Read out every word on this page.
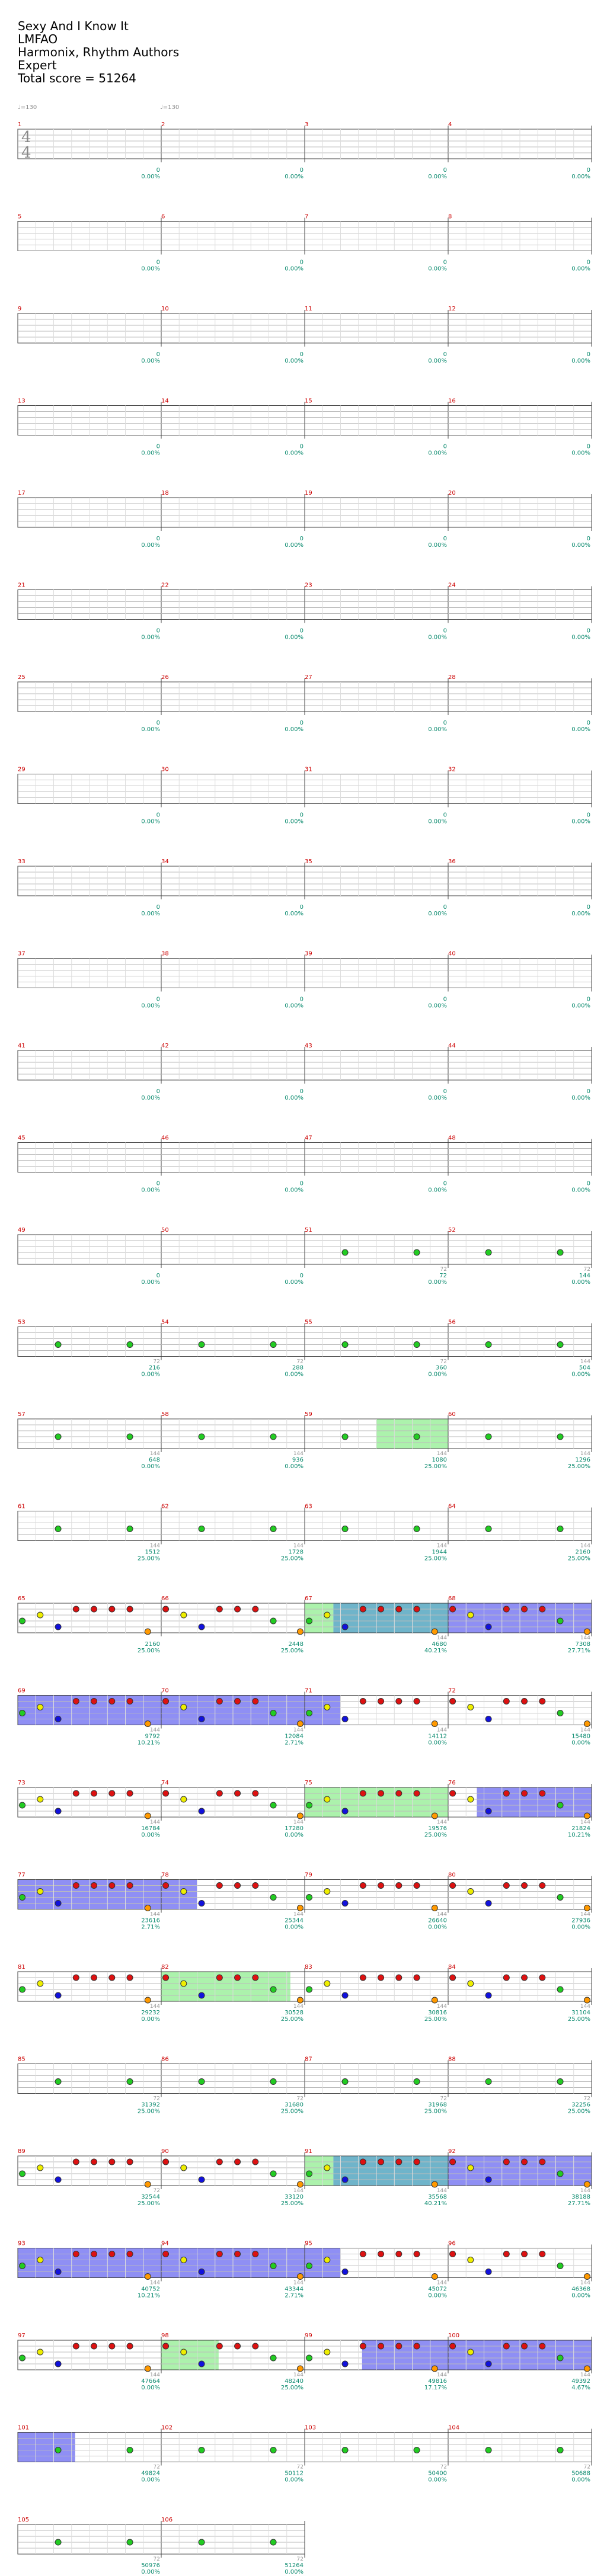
Sexy And I Know It
LMFAO
Harmonix, Rhythm Authors
Expert
Total score = 51264
♩=130	♩=130
1
0
0.00%
2
0
0.00%
3
0
0.00%
4
0
0.00%
5
0
0.00%
6
0
0.00%
7
0
0.00%
8
0
0.00%
9
0
0.00%
10
0
0.00%
11
0
0.00%
12
0
0.00%
13
0
0.00%
14
0
0.00%
15
0
0.00%
16
0
0.00%
17
0
0.00%
18
0
0.00%
19
0
0.00%
20
0
0.00%
21
0
0.00%
22
0
0.00%
23
0
0.00%
24
0
0.00%
25
0
0.00%
26
0
0.00%
27
0
0.00%
28
0
0.00%
29
0
0.00%
30
0
0.00%
31
0
0.00%
32
0
0.00%
33
0
0.00%
34
0
0.00%
35
0
0.00%
36
0
0.00%
37
0
0.00%
38
0
0.00%
39
0
0.00%
40
0
0.00%
41
0
0.00%
42
0
0.00%
43
0
0.00%
44
0
0.00%
45
0
0.00%
46
0
0.00%
47
0
0.00%
48
0
0.00%
49
0
0.00%
50
0
0.00%
51
72
72
0.00%
52
72
144
0.00%
53
72
216
0.00%
54
72
288
0.00%
55
72
360
0.00%
56
144
504
0.00%
57
144
648
0.00%
58
144
936
0.00%
59
144
1080
25.00%
60
144
1296
25.00%
61
144
1512
25.00%
62
144
1728
25.00%
63
144
1944
25.00%
64
144
2160
25.00%
65
2160
25.00%
66
2448
25.00%
67
144
4680
40.21%
68
144
7308
27.71%
69
144
9792
10.21%
70
144
12084
2.71%
71
144
14112
0.00%
72
144
15480
0.00%
73
144
16784
0.00%
74
144
17280
0.00%
75
144
19576
25.00%
76
144
21824
10.21%
77
144
23616
2.71%
78
144
25344
0.00%
79
144
26640
0.00%
80
144
27936
0.00%
81
144
29232
0.00%
82
144
30528
25.00%
83
144
30816
25.00%
84
144
31104
25.00%
85
72
31392
25.00%
86
72
31680
25.00%
87
72
31968
25.00%
88
72
32256
25.00%
89
72
32544
25.00%
90
144
33120
25.00%
91
144
35568
40.21%
92
144
38188
27.71%
93
144
40752
10.21%
94
144
43344
2.71%
95
144
45072
0.00%
96
144
46368
0.00%
97
144
47664
0.00%
98
144
48240
25.00%
99
144
49816
17.17%
100
144
49392
4.67%
101
72
49824
0.00%
102
72
50112
0.00%
103
72
50400
0.00%
104
72
50688
0.00%
105
72
50976
0.00%
106
72
51264
0.00%
4
4
